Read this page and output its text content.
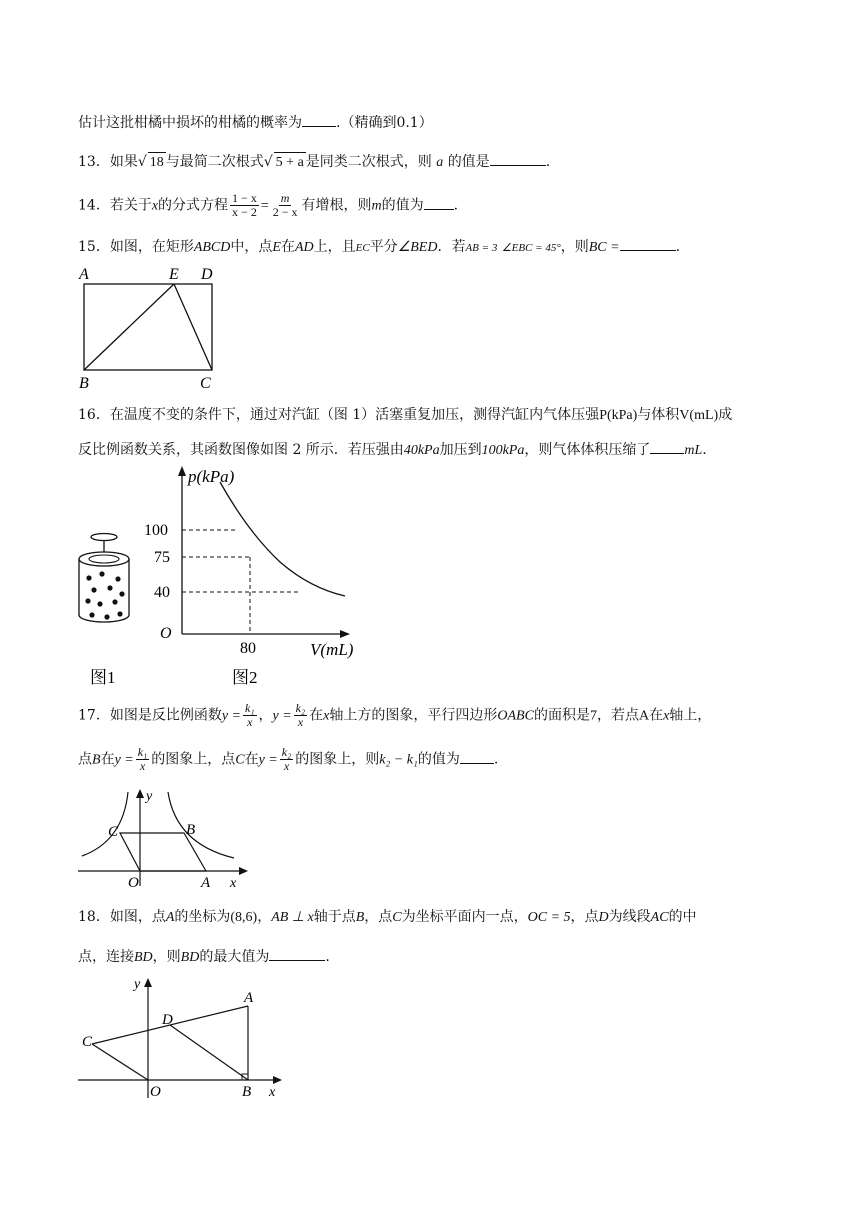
估计这批柑橘中损坏的柑橘的概率为 .（精确到0.1）
13．如果√ 18 与最简二次根式√ 5 + a 是同类二次根式，则 a 的值是	.
14．若关于x的分式方程 $\frac{1 - x}{x - 2} = \frac{m}{2 - x}$ 有增根，则m的值为 .
15．如图，在矩形ABCD中，点E在AD上，且EC平分∠BED．若AB = 3 ∠EBC = 45°，则BC =	.
A	E D
B	C
16．在温度不变的条件下，通过对汽缸（图 1）活塞重复加压，测得汽缸内气体压强P(kPa)与体积V(mL)成
反比例函数关系，其函数图像如图 2 所示．若压强由40kPa加压到100kPa，则气体体积压缩了 mL.
p(kPa)
100
75
40
O
80	V(mL)
图1	图2
17．如图是反比例函数$y = \frac{\text{k₁}}{x}$ ，$y = \frac{\text{k₂}}{x}$ 在x轴上方的图象，平行四边形OABC的面积是7，若点A在x轴上，
点B在$y = \frac{\text{k₁}}{x}$ 的图象上，点C在$y = \frac{\text{k₂}}{x}$ 的图象上，则k₂ − k₁的值为 .
y
C	B
O	A x
18．如图，点A的坐标为(8,6)，AB ⊥ x轴于点B，点C为坐标平面内一点，OC = 5，点D为线段AC的中
点，连接BD，则BD的最大值为	.
y
A
D
C
O	B x
